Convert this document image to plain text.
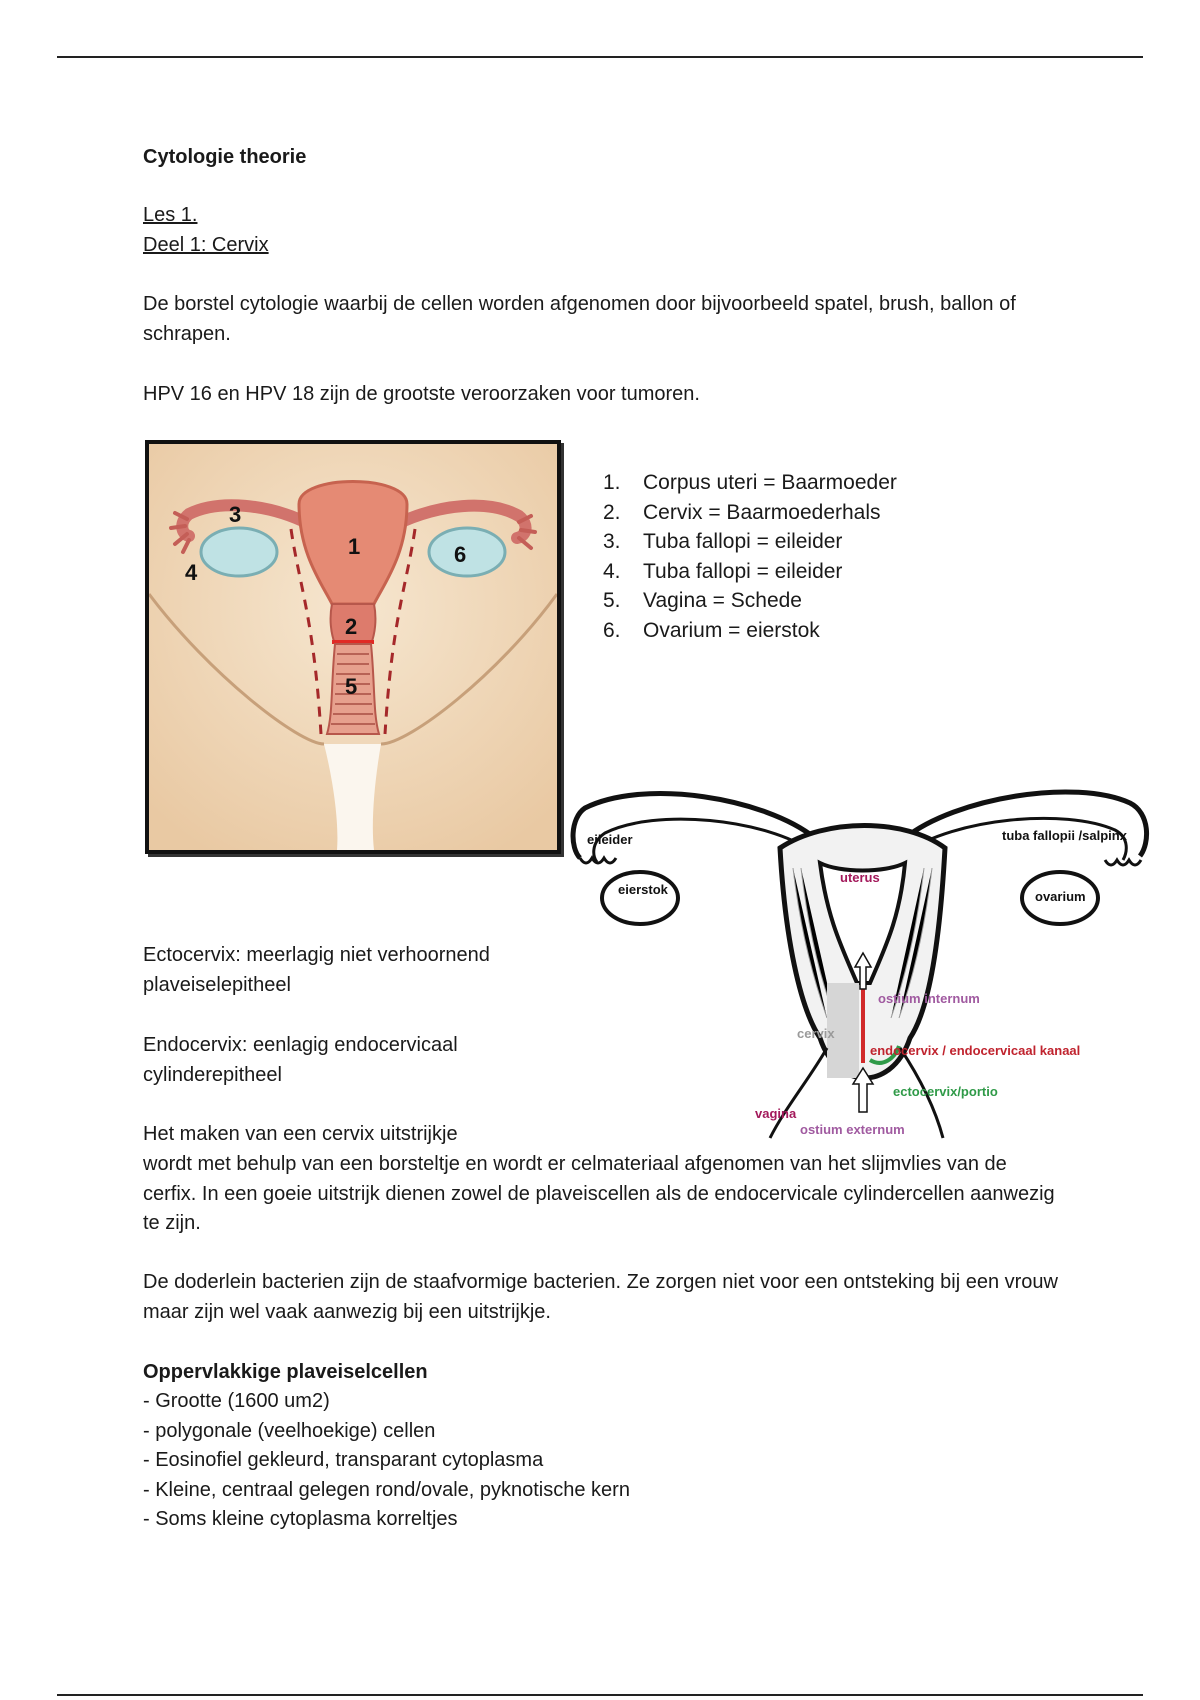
Cytologie theorie
Les 1.
Deel 1: Cervix
De borstel cytologie waarbij de cellen worden afgenomen door bijvoorbeeld spatel, brush, ballon of schrapen.
HPV 16 en HPV 18 zijn de grootste veroorzaken voor tumoren.
1
2
3
4
5
6
1.	Corpus uteri = Baarmoeder
2.	Cervix = Baarmoederhals
3.	Tuba fallopi = eileider
4.	Tuba fallopi = eileider
5.	Vagina = Schede
6.	Ovarium = eierstok
eileider	tuba fallopii /salpinx
eierstok	ovarium
uterus
ostium internum
cervix
endocervix / endocervicaal kanaal
ectocervix/portio
vagina
ostium externum
Ectocervix: meerlagig niet verhoornend
plaveiselepitheel
Endocervix: eenlagig endocervicaal
cylinderepitheel
Het maken van een cervix uitstrijkje
wordt met behulp van een borsteltje en wordt er celmateriaal afgenomen van het slijmvlies van de cerfix. In een goeie uitstrijk dienen zowel de plaveiscellen als de endocervicale cylindercellen aanwezig te zijn.
De doderlein bacterien zijn de staafvormige bacterien. Ze zorgen niet voor een ontsteking bij een vrouw maar zijn wel vaak aanwezig bij een uitstrijkje.
Oppervlakkige plaveiselcellen
- Grootte (1600 um2)
- polygonale (veelhoekige) cellen
- Eosinofiel gekleurd, transparant cytoplasma
- Kleine, centraal gelegen rond/ovale, pyknotische kern
- Soms kleine cytoplasma korreltjes
